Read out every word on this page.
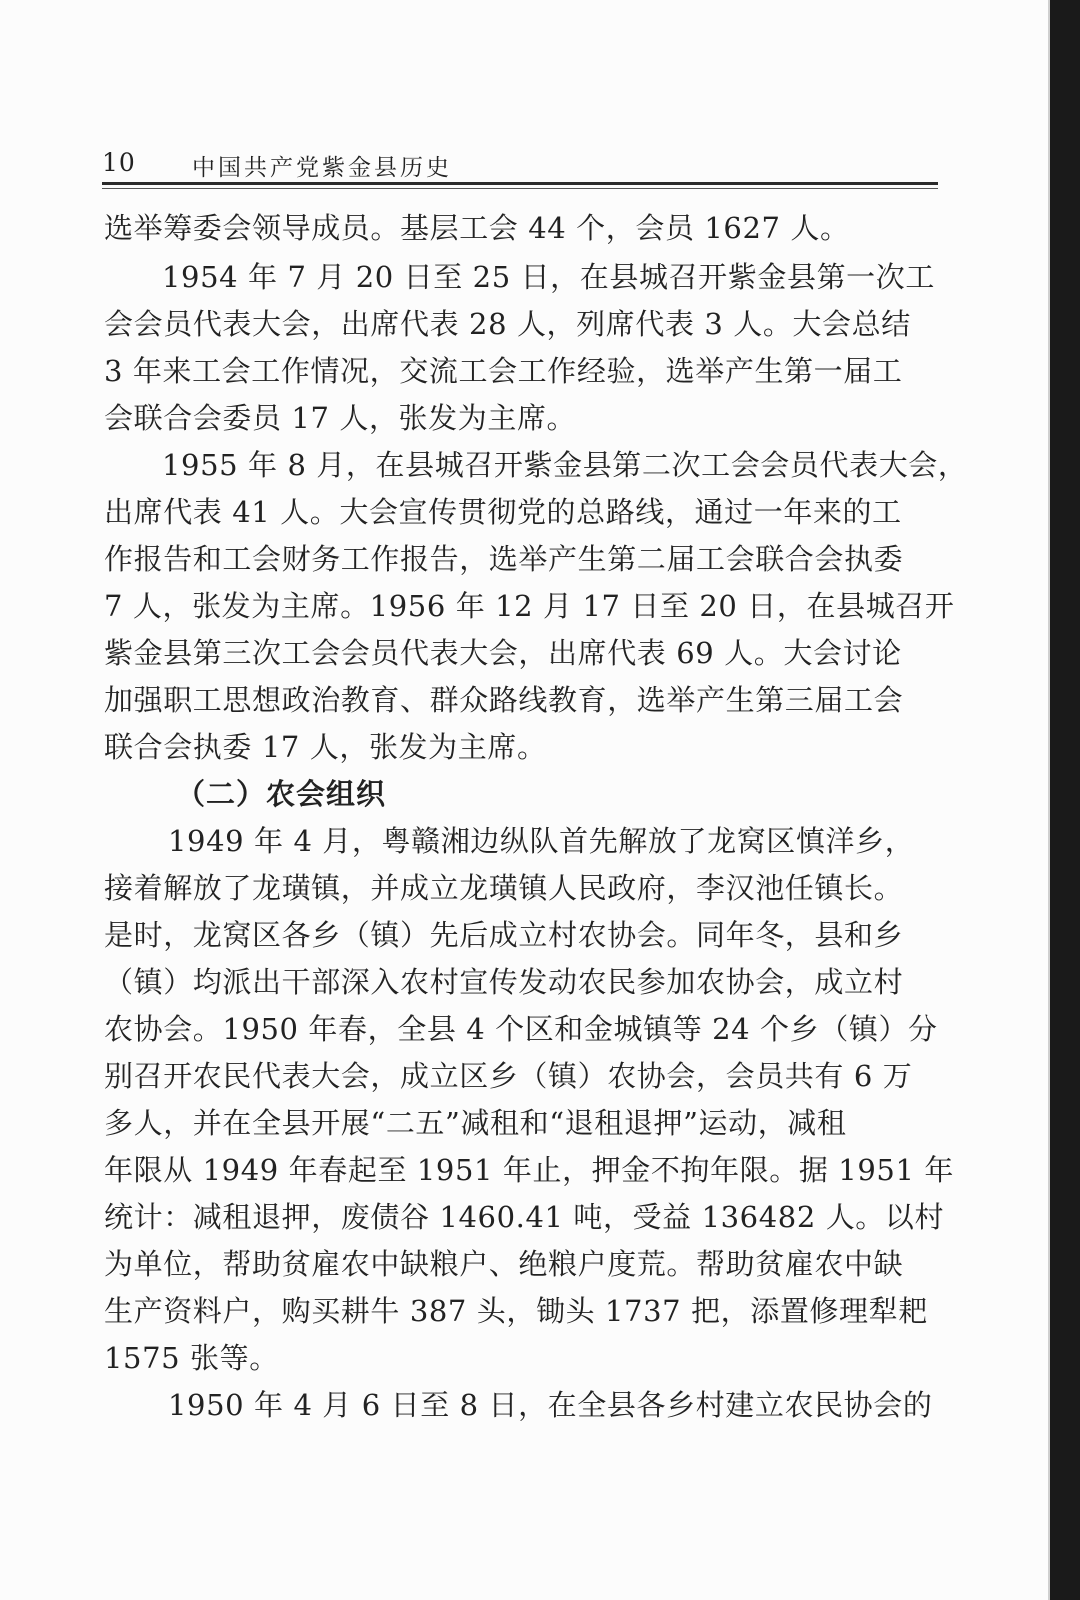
10 中国共产党紫金县历史
选举筹委会领导成员。基层工会 44 个，会员 1627 人。
1954 年 7 月 20 日至 25 日，在县城召开紫金县第一次工
会会员代表大会，出席代表 28 人，列席代表 3 人。大会总结
3 年来工会工作情况，交流工会工作经验，选举产生第一届工
会联合会委员 17 人，张发为主席。
1955 年 8 月，在县城召开紫金县第二次工会会员代表大会，
出席代表 41 人。大会宣传贯彻党的总路线，通过一年来的工
作报告和工会财务工作报告，选举产生第二届工会联合会执委
7 人，张发为主席。1956 年 12 月 17 日至 20 日，在县城召开
紫金县第三次工会会员代表大会，出席代表 69 人。大会讨论
加强职工思想政治教育、群众路线教育，选举产生第三届工会
联合会执委 17 人，张发为主席。
（二）农会组织
1949 年 4 月，粤赣湘边纵队首先解放了龙窝区慎洋乡，
接着解放了龙璜镇，并成立龙璜镇人民政府，李汉池任镇长。
是时，龙窝区各乡（镇）先后成立村农协会。同年冬，县和乡
（镇）均派出干部深入农村宣传发动农民参加农协会，成立村
农协会。1950 年春，全县 4 个区和金城镇等 24 个乡（镇）分
别召开农民代表大会，成立区乡（镇）农协会，会员共有 6 万
多人，并在全县开展“二五”减租和“退租退押”运动，减租
年限从 1949 年春起至 1951 年止，押金不拘年限。据 1951 年
统计：减租退押，废债谷 1460.41 吨，受益 136482 人。以村
为单位，帮助贫雇农中缺粮户、绝粮户度荒。帮助贫雇农中缺
生产资料户，购买耕牛 387 头，锄头 1737 把，添置修理犁耙
1575 张等。
1950 年 4 月 6 日至 8 日，在全县各乡村建立农民协会的
